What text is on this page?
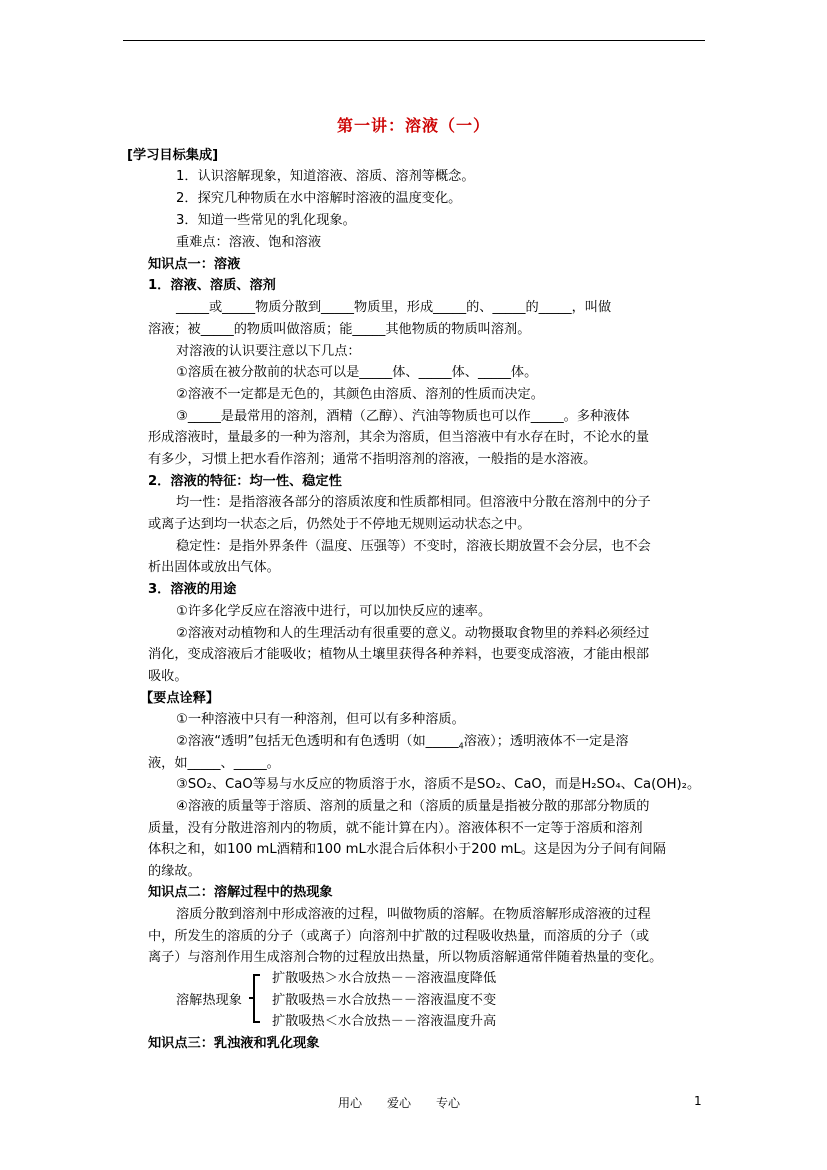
第一讲：溶液（一）
[学习目标集成]
1．认识溶解现象，知道溶液、溶质、溶剂等概念。
2．探究几种物质在水中溶解时溶液的温度变化。
3．知道一些常见的乳化现象。
重难点：溶液、饱和溶液
知识点一：溶液
1．溶液、溶质、溶剂
_____或_____物质分散到_____物质里，形成_____的、_____的_____，叫做
溶液；被_____的物质叫做溶质；能_____其他物质的物质叫溶剂。
对溶液的认识要注意以下几点：
①溶质在被分散前的状态可以是_____体、_____体、_____体。
②溶液不一定都是无色的，其颜色由溶质、溶剂的性质而决定。
③_____是最常用的溶剂，酒精（乙醇）、汽油等物质也可以作_____。多种液体
形成溶液时，量最多的一种为溶剂，其余为溶质，但当溶液中有水存在时，不论水的量
有多少，习惯上把水看作溶剂；通常不指明溶剂的溶液，一般指的是水溶液。
2．溶液的特征：均一性、稳定性
均一性：是指溶液各部分的溶质浓度和性质都相同。但溶液中分散在溶剂中的分子
或离子达到均一状态之后，仍然处于不停地无规则运动状态之中。
稳定性：是指外界条件（温度、压强等）不变时，溶液长期放置不会分层，也不会
析出固体或放出气体。
3．溶液的用途
①许多化学反应在溶液中进行，可以加快反应的速率。
②溶液对动植物和人的生理活动有很重要的意义。动物摄取食物里的养料必须经过
消化，变成溶液后才能吸收；植物从土壤里获得各种养料，也要变成溶液，才能由根部
吸收。
【要点诠释】
①一种溶液中只有一种溶剂，但可以有多种溶质。
②溶液“透明”包括无色透明和有色透明（如$\_\_\_\_\__4$溶液）；透明液体不一定是溶
液，如_____、_____。
③SO₂、CaO等易与水反应的物质溶于水，溶质不是SO₂、CaO，而是H₂SO₄、Ca(OH)₂。
④溶液的质量等于溶质、溶剂的质量之和（溶质的质量是指被分散的那部分物质的
质量，没有分散进溶剂内的物质，就不能计算在内）。溶液体积不一定等于溶质和溶剂
体积之和，如100 mL酒精和100 mL水混合后体积小于200 mL。这是因为分子间有间隔
的缘故。
知识点二：溶解过程中的热现象
溶质分散到溶剂中形成溶液的过程，叫做物质的溶解。在物质溶解形成溶液的过程
中，所发生的溶质的分子（或离子）向溶剂中扩散的过程吸收热量，而溶质的分子（或
离子）与溶剂作用生成溶剂合物的过程放出热量，所以物质溶解通常伴随着热量的变化。
溶解热现象
扩散吸热＞水合放热－－溶液温度降低
扩散吸热＝水合放热－－溶液温度不变
扩散吸热＜水合放热－－溶液温度升高
知识点三：乳浊液和乳化现象
用心 爱心 专心	1
